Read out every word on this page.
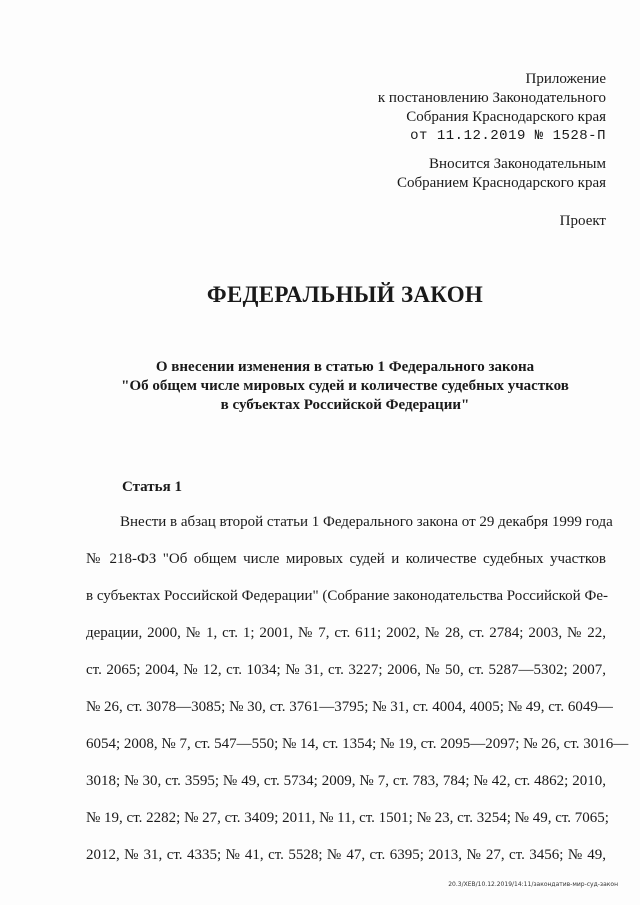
Приложение
к постановлению Законодательного
Собрания Краснодарского края
от 11.12.2019 № 1528-П
Вносится Законодательным
Собранием Краснодарского края
Проект
ФЕДЕРАЛЬНЫЙ ЗАКОН
О внесении изменения в статью 1 Федерального закона
"Об общем числе мировых судей и количестве судебных участков
в субъектах Российской Федерации"
Статья 1
Внести в абзац второй статьи 1 Федерального закона от 29 декабря 1999 года
№ 218-ФЗ "Об общем числе мировых судей и количестве судебных участков
в субъектах Российской Федерации" (Собрание законодательства Российской Фе-
дерации, 2000, № 1, ст. 1; 2001, № 7, ст. 611; 2002, № 28, ст. 2784; 2003, № 22,
ст. 2065; 2004, № 12, ст. 1034; № 31, ст. 3227; 2006, № 50, ст. 5287—5302; 2007,
№ 26, ст. 3078—3085; № 30, ст. 3761—3795; № 31, ст. 4004, 4005; № 49, ст. 6049—
6054; 2008, № 7, ст. 547—550; № 14, ст. 1354; № 19, ст. 2095—2097; № 26, ст. 3016—
3018; № 30, ст. 3595; № 49, ст. 5734; 2009, № 7, ст. 783, 784; № 42, ст. 4862; 2010,
№ 19, ст. 2282; № 27, ст. 3409; 2011, № 11, ст. 1501; № 23, ст. 3254; № 49, ст. 7065;
2012, № 31, ст. 4335; № 41, ст. 5528; № 47, ст. 6395; 2013, № 27, ст. 3456; № 49,
20.3/ХЕВ/10.12.2019/14:11/закондатив-мир-суд-закон
